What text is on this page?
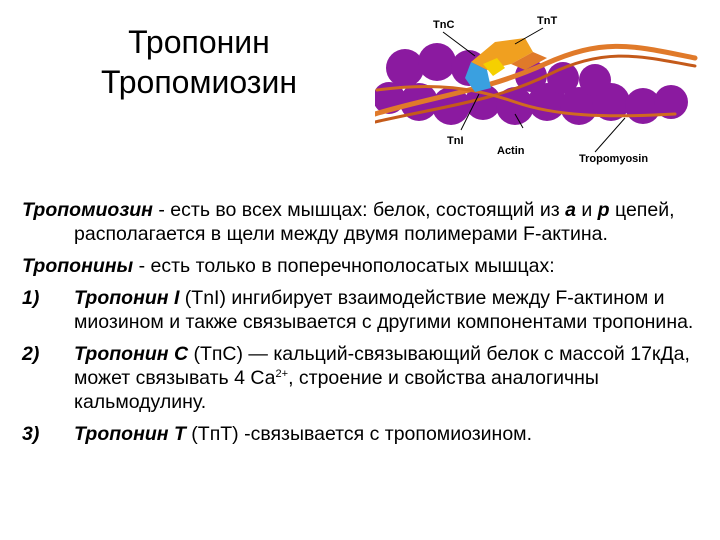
Тропонин
Тропомиозин
TnC	TnT
TnI
Actin
Tropomyosin

Тропомиозин - есть во всех мышцах: белок, состоящий из a и p цепей, располагается в щели между двумя полимерами F-актина.

Тропонины - есть только в поперечнополосатых мышцах:

1) Тропонин I (TnI) ингибирует взаимодействие между F-актином и миозином и также связывается с другими компонентами тропонина.
2) Тропонин С (TпС) — кальций-связывающий белок с массой 17кДа, может связывать 4 $Са^{2+}$, строение и свойства аналогичны кальмодулину.
3) Тропонин Т (TпТ) -связывается с тропомиозином.
